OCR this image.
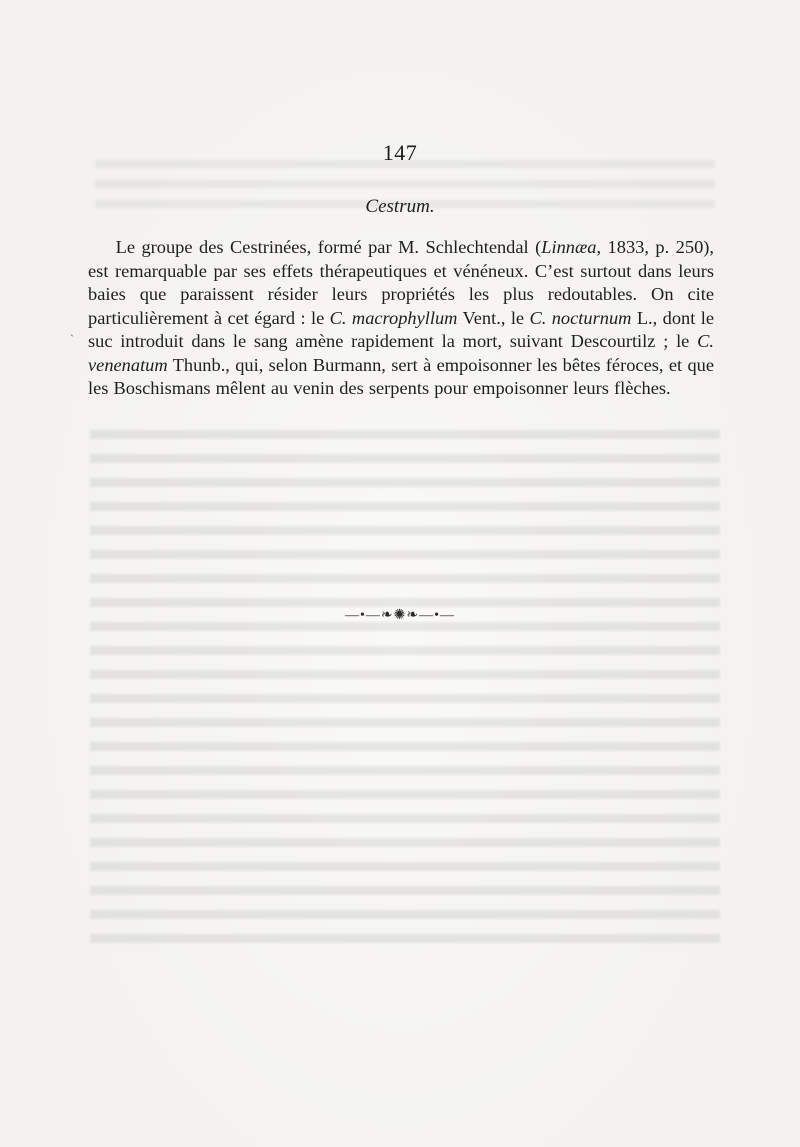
147
Cestrum.

Le groupe des Cestrinées, formé par M. Schlechtendal (Linnæa, 1833, p. 250), est remarquable par ses effets thérapeutiques et vénéneux. C’est surtout dans leurs baies que paraissent résider leurs propriétés les plus redoutables. On cite particulièrement à cet égard : le C. macrophyllum Vent., le C. nocturnum L., dont le suc introduit dans le sang amène rapidement la mort, suivant Descourtilz ; le C. venenatum Thunb., qui, selon Burmann, sert à empoisonner les bêtes féroces, et que les Boschismans mêlent au venin des serpents pour empoisonner leurs flèches.

ˋ
—•—❧✺❧—•—
